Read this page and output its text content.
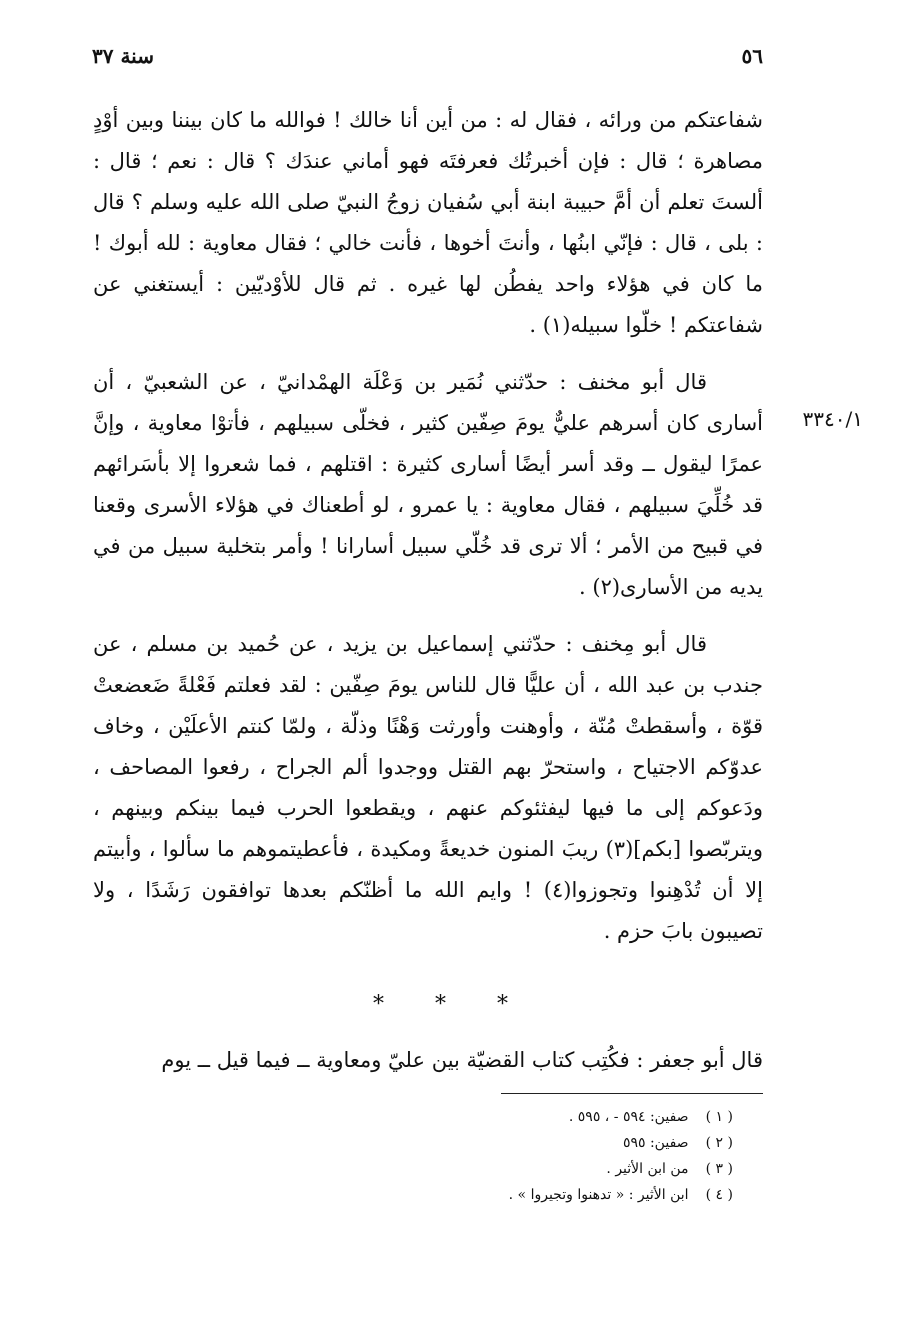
٥٦
سنة ٣٧

شفاعتكم من ورائه ، فقال له : من أين أنا خالك ! فوالله ما كان بيننا وبين أوْدٍ مصاهرة ؛ قال : فإن أخبرتُك فعرفتَه فهو أماني عندَك ؟ قال : نعم ؛ قال : ألستَ تعلم أن أمَّ حبيبة ابنة أبي سُفيان زوجُ النبيّ صلى الله عليه وسلم ؟ قال : بلى ، قال : فإنّي ابنُها ، وأنتَ أخوها ، فأنت خالي ؛ فقال معاوية : لله أبوك ! ما كان في هؤلاء واحد يفطُن لها غيره . ثم قال للأوْديّين : أيستغني عن شفاعتكم ! خلّوا سبيله(١) .

قال أبو مخنف : حدّثني نُمَير بن وَعْلَة الهمْدانيّ ، عن الشعبيّ ، أن أسارى كان أسرهم عليٌّ يومَ صِفّين كثير ، فخلّى سبيلهم ، فأتوْا معاوية ، وإنَّ عمرًا ليقول ــ وقد أسر أيضًا أسارى كثيرة : اقتلهم ، فما شعروا إلا بأسَرائهم قد خُلِّيَ سبيلهم ، فقال معاوية : يا عمرو ، لو أطعناك في هؤلاء الأسرى وقعنا في قبيح من الأمر ؛ ألا ترى قد خُلّي سبيل أسارانا ! وأمر بتخلية سبيل من في يديه من الأسارى(٢) .

قال أبو مِخنف : حدّثني إسماعيل بن يزيد ، عن حُميد بن مسلم ، عن جندب بن عبد الله ، أن عليًّا قال للناس يومَ صِفّين : لقد فعلتم فَعْلةً ضَعضعتْ قوّة ، وأسقطتْ مُنّة ، وأوهنت وأورثت وَهْنًا وذلّة ، ولمّا كنتم الأعلَيْن ، وخاف عدوّكم الاجتياح ، واستحرّ بهم القتل ووجدوا ألم الجراح ، رفعوا المصاحف ، ودَعوكم إلى ما فيها ليفثئوكم عنهم ، ويقطعوا الحرب فيما بينكم وبينهم ، ويتربّصوا [بكم](٣) ريبَ المنون خديعةً ومكيدة ، فأعطيتموهم ما سألوا ، وأبيتم إلا أن تُدْهِنوا وتجوزوا(٤) ! وايم الله ما أظنّكم بعدها توافقون رَشَدًا ، ولا تصيبون بابَ حزم .

٣٣٤٠/١
* * *
قال أبو جعفر : فكُتِب كتاب القضيّة بين عليّ ومعاوية ــ فيما قيل ــ يوم
( ١ ) صفين: ٥٩٤ - ، ٥٩٥ .
( ٢ ) صفين: ٥٩٥
( ٣ ) من ابن الأثير .
( ٤ ) ابن الأثير : « تدهنوا وتجيروا » .
